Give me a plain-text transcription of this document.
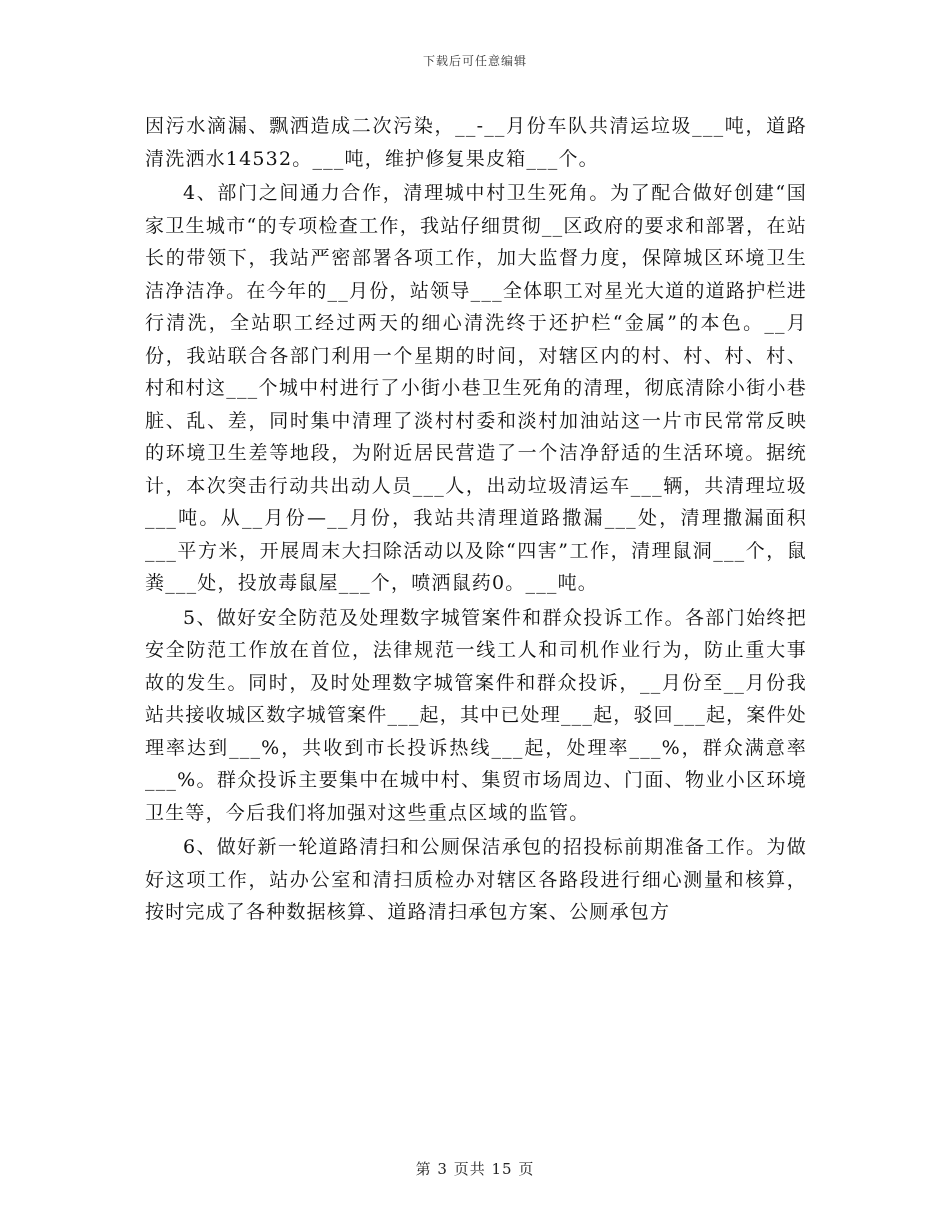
下载后可任意编辑

因污水滴漏、飘洒造成二次污染，__-__月份车队共清运垃圾___吨，道路清洗洒水14532。___吨，维护修复果皮箱___个。

4、部门之间通力合作，清理城中村卫生死角。为了配合做好创建“国家卫生城市“的专项检查工作，我站仔细贯彻__区政府的要求和部署，在站长的带领下，我站严密部署各项工作，加大监督力度，保障城区环境卫生洁净洁净。在今年的__月份，站领导___全体职工对星光大道的道路护栏进行清洗，全站职工经过两天的细心清洗终于还护栏“金属”的本色。__月份，我站联合各部门利用一个星期的时间，对辖区内的村、村、村、村、村和村这___个城中村进行了小街小巷卫生死角的清理，彻底清除小街小巷脏、乱、差，同时集中清理了淡村村委和淡村加油站这一片市民常常反映的环境卫生差等地段，为附近居民营造了一个洁净舒适的生活环境。据统计，本次突击行动共出动人员___人，出动垃圾清运车___辆，共清理垃圾___吨。从__月份—__月份，我站共清理道路撒漏___处，清理撒漏面积___平方米，开展周末大扫除活动以及除“四害”工作，清理鼠洞___个，鼠粪___处，投放毒鼠屋___个，喷洒鼠药0。___吨。

5、做好安全防范及处理数字城管案件和群众投诉工作。各部门始终把安全防范工作放在首位，法律规范一线工人和司机作业行为，防止重大事故的发生。同时，及时处理数字城管案件和群众投诉，__月份至__月份我站共接收城区数字城管案件___起，其中已处理___起，驳回___起，案件处理率达到___%，共收到市长投诉热线___起，处理率___%，群众满意率___%。群众投诉主要集中在城中村、集贸市场周边、门面、物业小区环境卫生等，今后我们将加强对这些重点区域的监管。

6、做好新一轮道路清扫和公厕保洁承包的招投标前期准备工作。为做好这项工作，站办公室和清扫质检办对辖区各路段进行细心测量和核算，按时完成了各种数据核算、道路清扫承包方案、公厕承包方

第 3 页共 15 页
